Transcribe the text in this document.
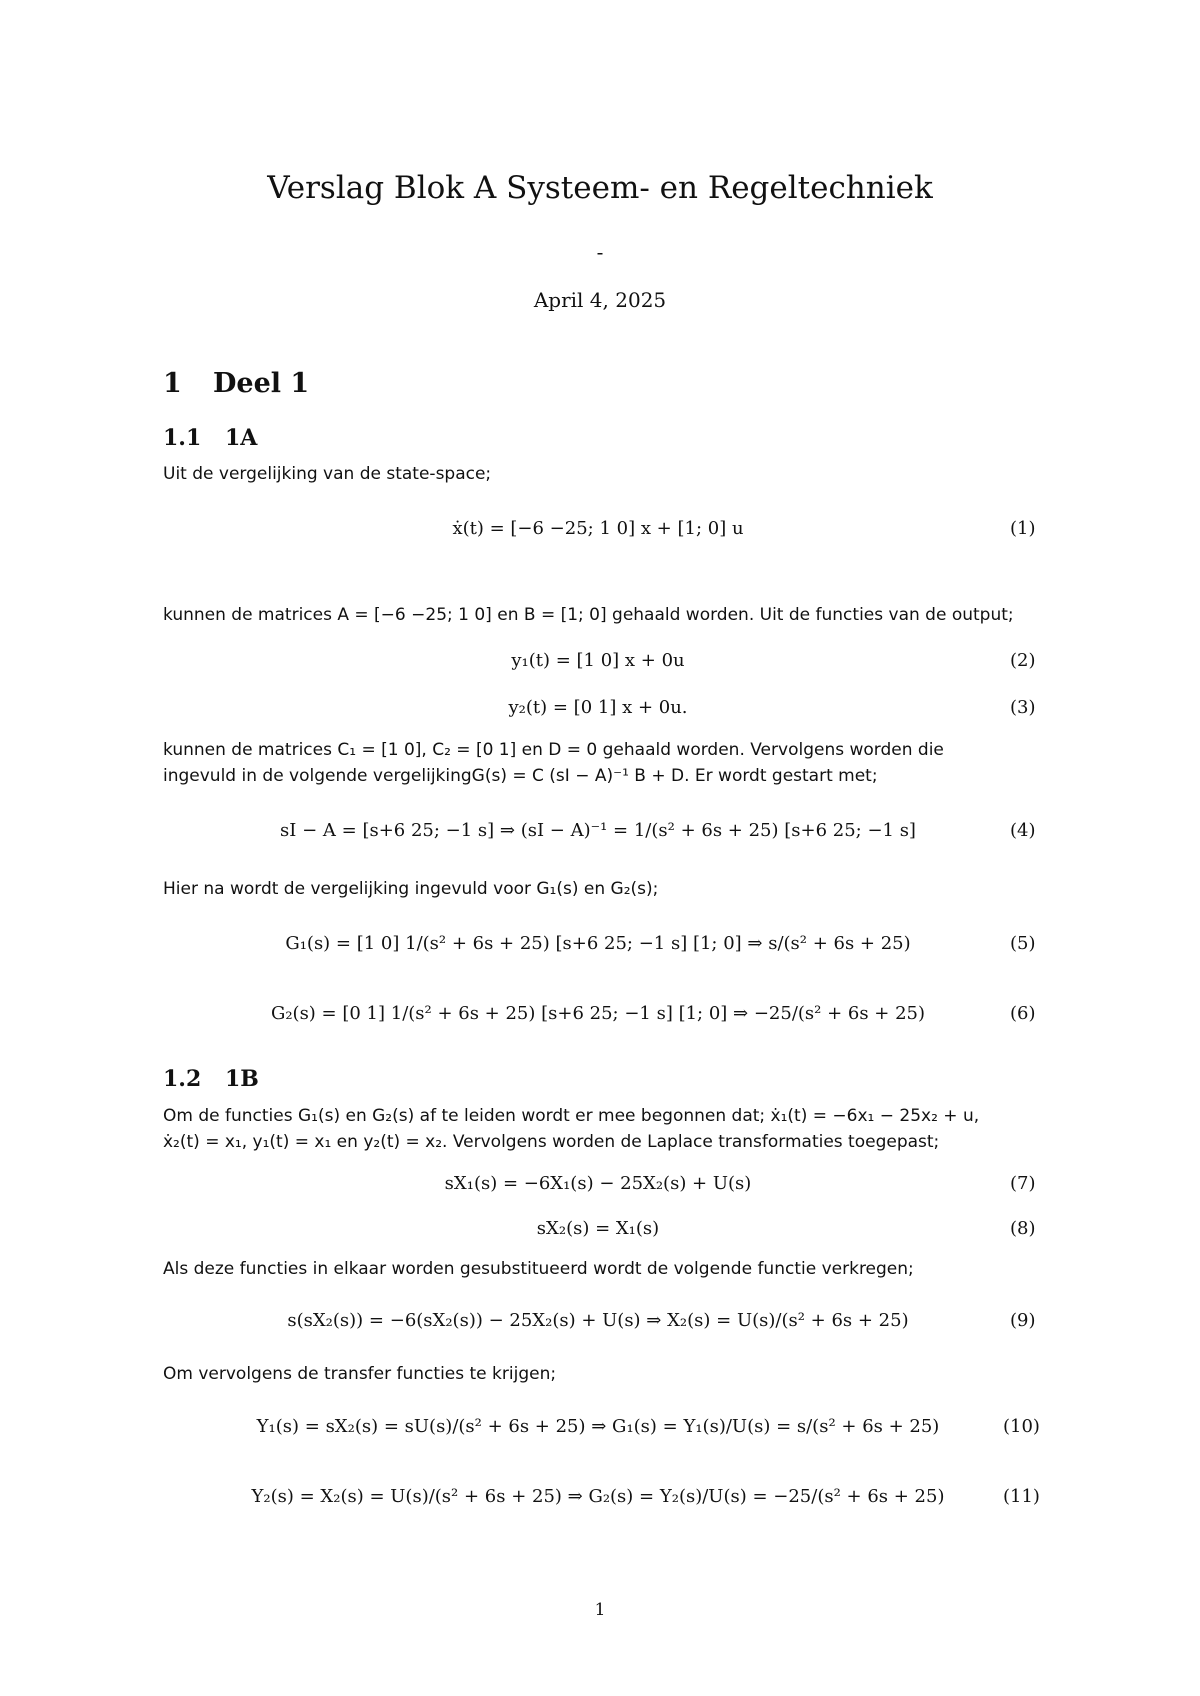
Verslag Blok A Systeem- en Regeltechniek
-
April 4, 2025
1 Deel 1
1.1 1A
Uit de vergelijking van de state-space;
ẋ(t) = [−6 −25; 1 0] x + [1; 0] u	(1)
kunnen de matrices A = [−6 −25; 1 0] en B = [1; 0] gehaald worden. Uit de functies van de output;
y₁(t) = [1 0] x + 0u	(2)
y₂(t) = [0 1] x + 0u.	(3)
kunnen de matrices C₁ = [1 0], C₂ = [0 1] en D = 0 gehaald worden. Vervolgens worden die
ingevuld in de volgende vergelijkingG(s) = C (sI − A)⁻¹ B + D. Er wordt gestart met;
sI − A = [s+6 25; −1 s] ⇒ (sI − A)⁻¹ = 1/(s² + 6s + 25) [s+6 25; −1 s]	(4)
Hier na wordt de vergelijking ingevuld voor G₁(s) en G₂(s);
G₁(s) = [1 0] 1/(s² + 6s + 25) [s+6 25; −1 s] [1; 0] ⇒ s/(s² + 6s + 25)	(5)
G₂(s) = [0 1] 1/(s² + 6s + 25) [s+6 25; −1 s] [1; 0] ⇒ −25/(s² + 6s + 25)	(6)
1.2 1B
Om de functies G₁(s) en G₂(s) af te leiden wordt er mee begonnen dat; ẋ₁(t) = −6x₁ − 25x₂ + u,
ẋ₂(t) = x₁, y₁(t) = x₁ en y₂(t) = x₂. Vervolgens worden de Laplace transformaties toegepast;
sX₁(s) = −6X₁(s) − 25X₂(s) + U(s)	(7)
sX₂(s) = X₁(s)	(8)
Als deze functies in elkaar worden gesubstitueerd wordt de volgende functie verkregen;
s(sX₂(s)) = −6(sX₂(s)) − 25X₂(s) + U(s) ⇒ X₂(s) = U(s)/(s² + 6s + 25)	(9)
Om vervolgens de transfer functies te krijgen;
Y₁(s) = sX₂(s) = sU(s)/(s² + 6s + 25) ⇒ G₁(s) = Y₁(s)/U(s) = s/(s² + 6s + 25)	(10)
Y₂(s) = X₂(s) = U(s)/(s² + 6s + 25) ⇒ G₂(s) = Y₂(s)/U(s) = −25/(s² + 6s + 25)	(11)
1
